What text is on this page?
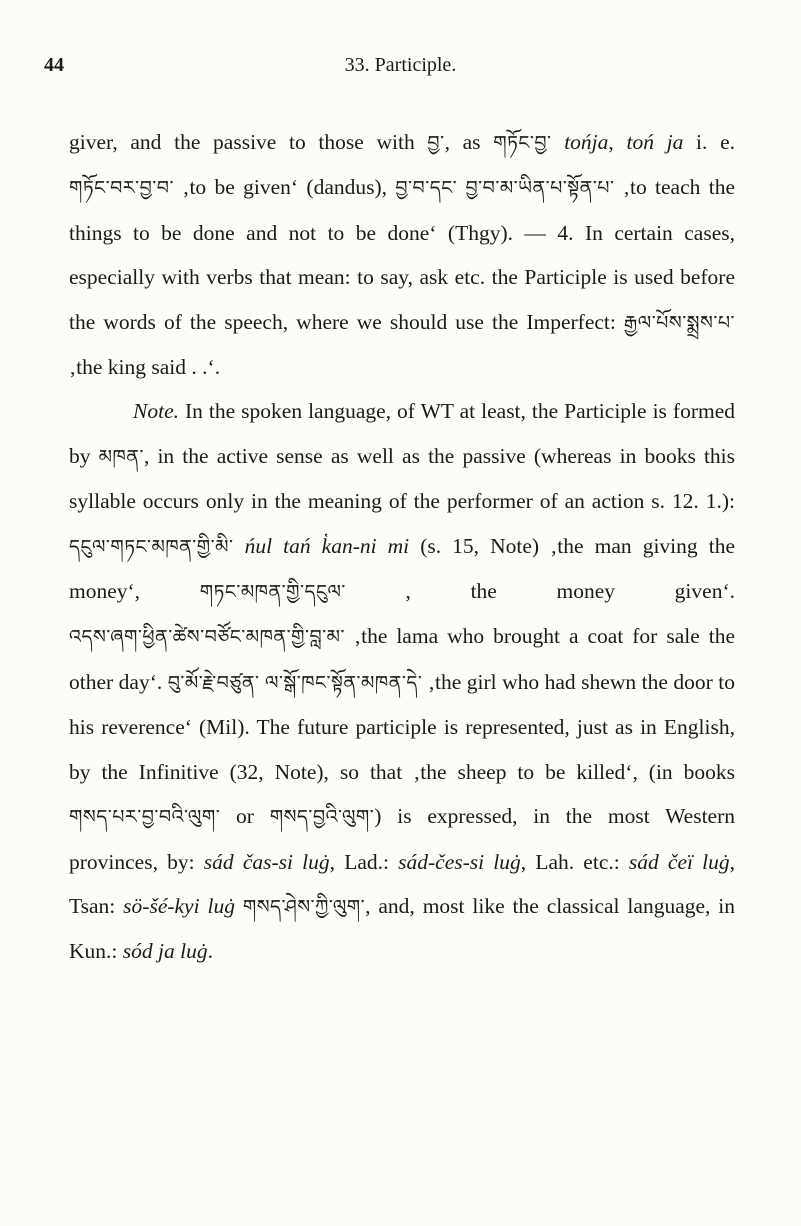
44	33. Participle.

giver, and the passive to those with བྱ་, as གཏོང་བྱ་ tońja, toń ja i. e. གཏོང་བར་བྱ་བ་ ‚to be given‘ (dandus), བྱ་བ་དང་ བྱ་བ་མ་ཡིན་པ་སྟོན་པ་ ‚to teach the things to be done and not to be done‘ (Thgy). — 4. In certain cases, especially with verbs that mean: to say, ask etc. the Participle is used before the words of the speech, where we should use the Imperfect: རྒྱལ་པོས་སྨྲས་པ་ ‚the king said . .‘.

Note. In the spoken language, of WT at least, the Participle is formed by མཁན་, in the active sense as well as the passive (whereas in books this syllable occurs only in the meaning of the performer of an action s. 12. 1.): དངུལ་གཏང་མཁན་གྱི་མི་ ńul tań k̔an-ni mi (s. 15, Note) ‚the man giving the money‘, གཏང་མཁན་གྱི་དངུལ་ , the money given‘. འདས་ཞག་ཕྱིན་ཚེས་བཙོང་མཁན་གྱི་བླ་མ་ ‚the lama who brought a coat for sale the other day‘. བུ་མོ་རྗེ་བཙུན་ ལ་སྒོ་ཁང་སྟོན་མཁན་དེ་ ‚the girl who had shewn the door to his reverence‘ (Mil). The future participle is represented, just as in English, by the Infinitive (32, Note), so that ‚the sheep to be killed‘, (in books གསད་པར་བྱ་བའི་ལུག་ or གསད་བྱའི་ལུག་) is expressed, in the most Western provinces, by: sád čas-si luġ, Lad.: sád-čes-si luġ, Lah. etc.: sád čeï luġ, Tsan: sö-šé-kyi luġ གསད་ཤེས་ཀྱི་ལུག་, and, most like the classical language, in Kun.: sód ja luġ.
